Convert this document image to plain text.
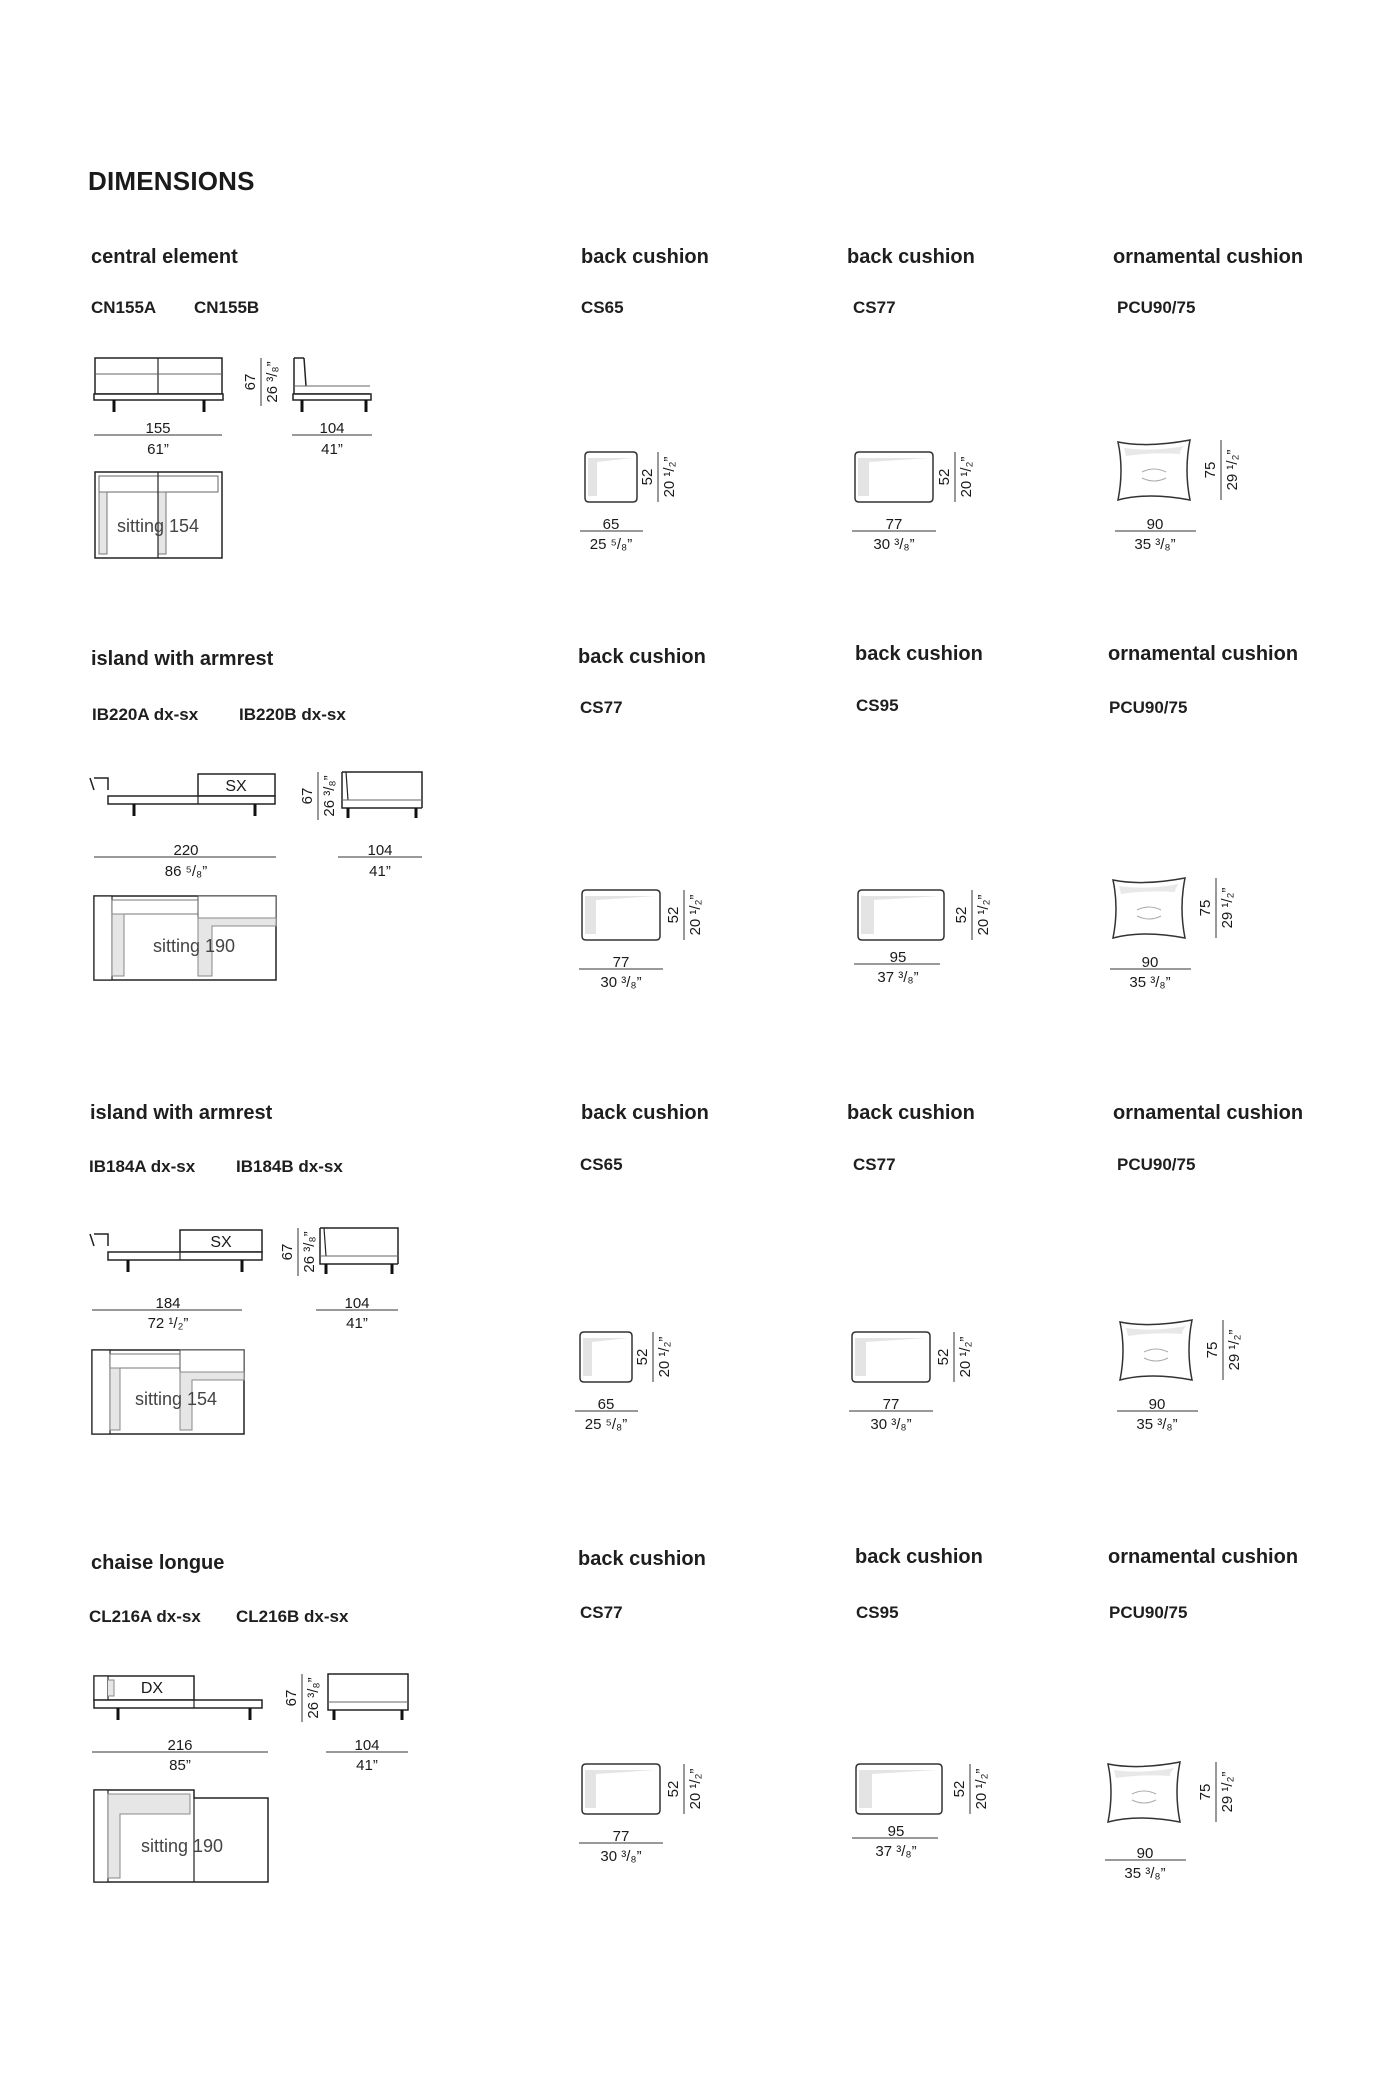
DIMENSIONS
central element
CN155A CN155B
155
61”
67 26 ³/₈”
104
41”
sitting 154
back cushion
CS65
52 20 ¹/₂”
65
25 ⁵/₈”
back cushion
CS77
52 20 ¹/₂”
77
30 ³/₈”
ornamental cushion
PCU90/75
75 29 ¹/₂”
90
35 ³/₈”
island with armrest
IB220A dx-sx IB220B dx-sx
SX
220
86 ⁵/₈”
67 26 ³/₈”
104
41”
sitting 190
back cushion
CS77
52 20 ¹/₂”
77
30 ³/₈”
back cushion
CS95
52 20 ¹/₂”
95
37 ³/₈”
ornamental cushion
PCU90/75
75 29 ¹/₂”
90
35 ³/₈”
island with armrest
IB184A dx-sx IB184B dx-sx
SX
184
72 ¹/₂”
67 26 ³/₈”
104
41”
sitting 154
back cushion
CS65
52 20 ¹/₂”
65
25 ⁵/₈”
back cushion
CS77
52 20 ¹/₂”
77
30 ³/₈”
ornamental cushion
PCU90/75
75 29 ¹/₂”
90
35 ³/₈”
chaise longue
CL216A dx-sx CL216B dx-sx
DX
216
85”
67 26 ³/₈”
104
41”
sitting 190
back cushion
CS77
52 20 ¹/₂”
77
30 ³/₈”
back cushion
CS95
52 20 ¹/₂”
95
37 ³/₈”
ornamental cushion
PCU90/75
75 29 ¹/₂”
90
35 ³/₈”
